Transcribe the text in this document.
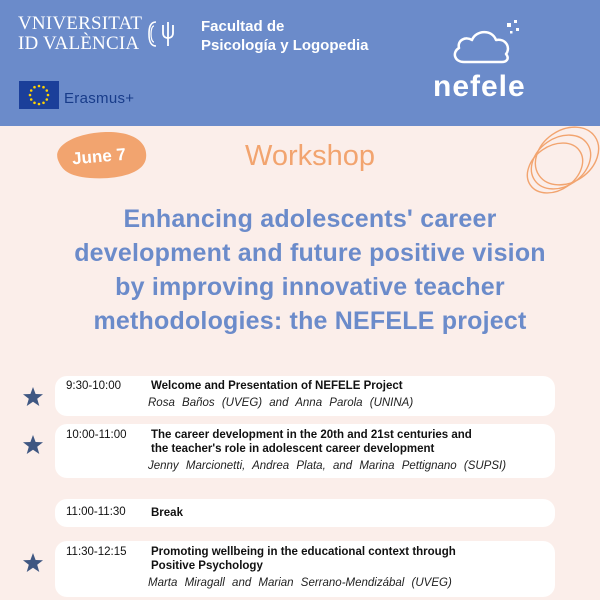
VNIVERSITAT
ID VALÈNCIA
Facultad de
Psicología y Logopedia
Erasmus+	nefele
June 7	Workshop
Enhancing adolescents' career
development and future positive vision
by improving innovative teacher
methodologies: the NEFELE project
9:30-10:00	Welcome and Presentation of NEFELE Project
Rosa Baños (UVEG) and Anna Parola (UNINA)
10:00-11:00 The career development in the 20th and 21st centuries and
the teacher's role in adolescent career development
Jenny Marcionetti, Andrea Plata, and Marina Pettignano (SUPSI)
11:00-11:30 Break
11:30-12:15 Promoting wellbeing in the educational context through
Positive Psychology
Marta Miragall and Marian Serrano-Mendizábal (UVEG)
